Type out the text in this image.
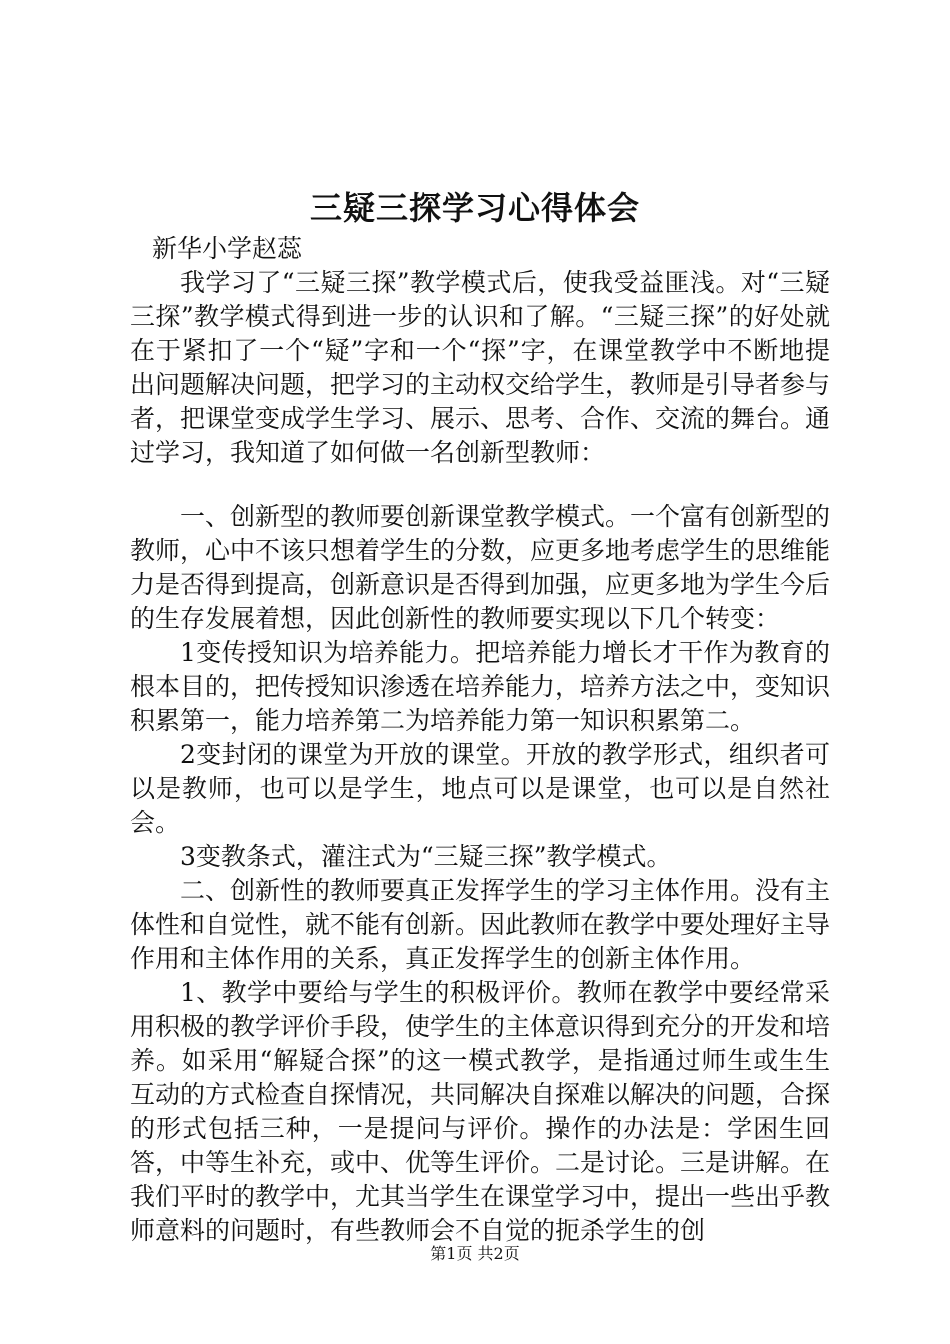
三疑三探学习心得体会

新华小学赵蕊

我学习了“三疑三探”教学模式后，使我受益匪浅。对“三疑三探”教学模式得到进一步的认识和了解。“三疑三探”的好处就在于紧扣了一个“疑”字和一个“探”字，在课堂教学中不断地提出问题解决问题，把学习的主动权交给学生，教师是引导者参与者，把课堂变成学生学习、展示、思考、合作、交流的舞台。通过学习，我知道了如何做一名创新型教师：

一、创新型的教师要创新课堂教学模式。一个富有创新型的教师，心中不该只想着学生的分数，应更多地考虑学生的思维能力是否得到提高，创新意识是否得到加强，应更多地为学生今后的生存发展着想，因此创新性的教师要实现以下几个转变：

1变传授知识为培养能力。把培养能力增长才干作为教育的根本目的，把传授知识渗透在培养能力，培养方法之中，变知识积累第一，能力培养第二为培养能力第一知识积累第二。

2变封闭的课堂为开放的课堂。开放的教学形式，组织者可以是教师，也可以是学生，地点可以是课堂，也可以是自然社会。

3变教条式，灌注式为“三疑三探”教学模式。

二、创新性的教师要真正发挥学生的学习主体作用。没有主体性和自觉性，就不能有创新。因此教师在教学中要处理好主导作用和主体作用的关系，真正发挥学生的创新主体作用。

1、教学中要给与学生的积极评价。教师在教学中要经常采用积极的教学评价手段，使学生的主体意识得到充分的开发和培养。如采用“解疑合探”的这一模式教学，是指通过师生或生生互动的方式检查自探情况，共同解决自探难以解决的问题，合探的形式包括三种，一是提问与评价。操作的办法是：学困生回答，中等生补充，或中、优等生评价。二是讨论。三是讲解。在我们平时的教学中，尤其当学生在课堂学习中，提出一些出乎教师意料的问题时，有些教师会不自觉的扼杀学生的创

第1页 共2页
